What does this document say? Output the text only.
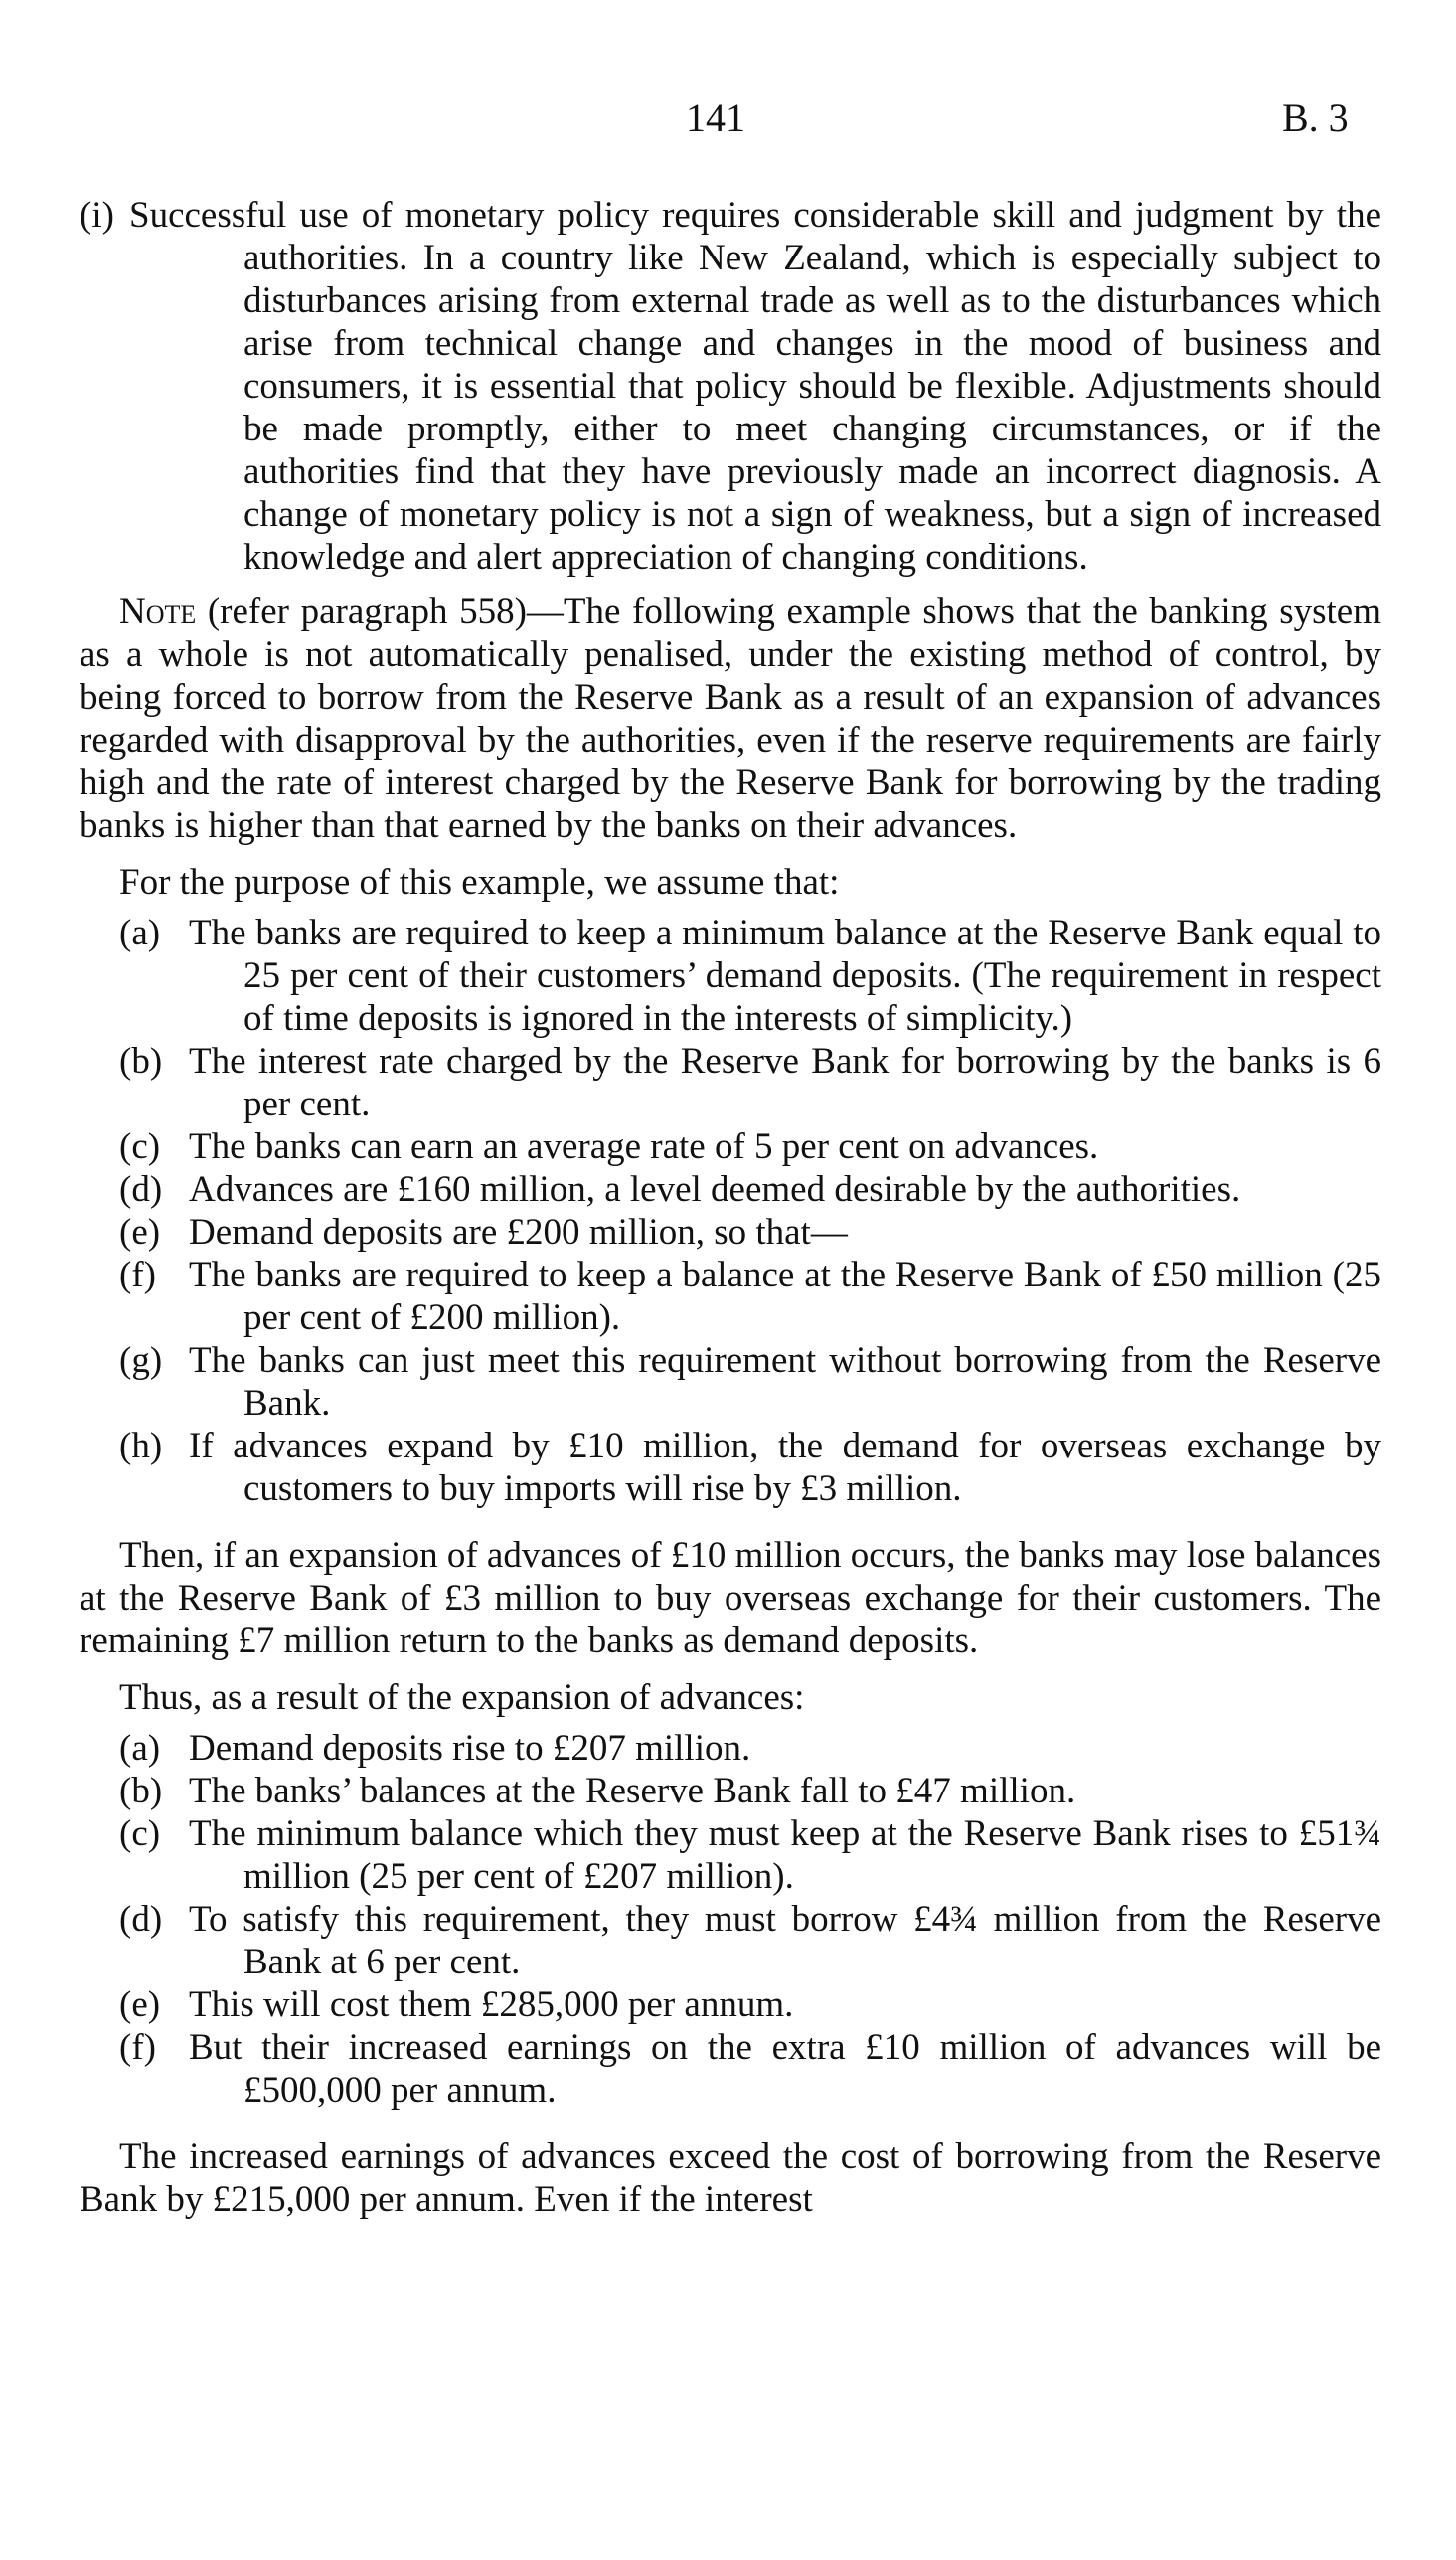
141	B. 3

(i) Successful use of monetary policy requires considerable skill and judgment by the authorities. In a country like New Zealand, which is especially subject to disturbances arising from external trade as well as to the disturbances which arise from technical change and changes in the mood of business and consumers, it is essential that policy should be flexible. Adjustments should be made promptly, either to meet changing circumstances, or if the authorities find that they have previously made an incorrect diagnosis. A change of monetary policy is not a sign of weakness, but a sign of increased knowledge and alert appreciation of changing conditions.

Note (refer paragraph 558)—The following example shows that the banking system as a whole is not automatically penalised, under the existing method of control, by being forced to borrow from the Reserve Bank as a result of an expansion of advances regarded with disapproval by the authorities, even if the reserve requirements are fairly high and the rate of interest charged by the Reserve Bank for borrowing by the trading banks is higher than that earned by the banks on their advances.

For the purpose of this example, we assume that:

(a) The banks are required to keep a minimum balance at the Reserve Bank equal to 25 per cent of their customers’ demand deposits. (The requirement in respect of time deposits is ignored in the interests of simplicity.)

(b) The interest rate charged by the Reserve Bank for borrowing by the banks is 6 per cent.

(c) The banks can earn an average rate of 5 per cent on advances.

(d) Advances are £160 million, a level deemed desirable by the authorities.

(e) Demand deposits are £200 million, so that—

(f) The banks are required to keep a balance at the Reserve Bank of £50 million (25 per cent of £200 million).

(g) The banks can just meet this requirement without borrowing from the Reserve Bank.

(h) If advances expand by £10 million, the demand for overseas exchange by customers to buy imports will rise by £3 million.

Then, if an expansion of advances of £10 million occurs, the banks may lose balances at the Reserve Bank of £3 million to buy overseas exchange for their customers. The remaining £7 million return to the banks as demand deposits.

Thus, as a result of the expansion of advances:

(a) Demand deposits rise to £207 million.

(b) The banks’ balances at the Reserve Bank fall to £47 million.

(c) The minimum balance which they must keep at the Reserve Bank rises to £51¾ million (25 per cent of £207 million).

(d) To satisfy this requirement, they must borrow £4¾ million from the Reserve Bank at 6 per cent.

(e) This will cost them £285,000 per annum.

(f) But their increased earnings on the extra £10 million of advances will be £500,000 per annum.

The increased earnings of advances exceed the cost of borrowing from the Reserve Bank by £215,000 per annum. Even if the interest
